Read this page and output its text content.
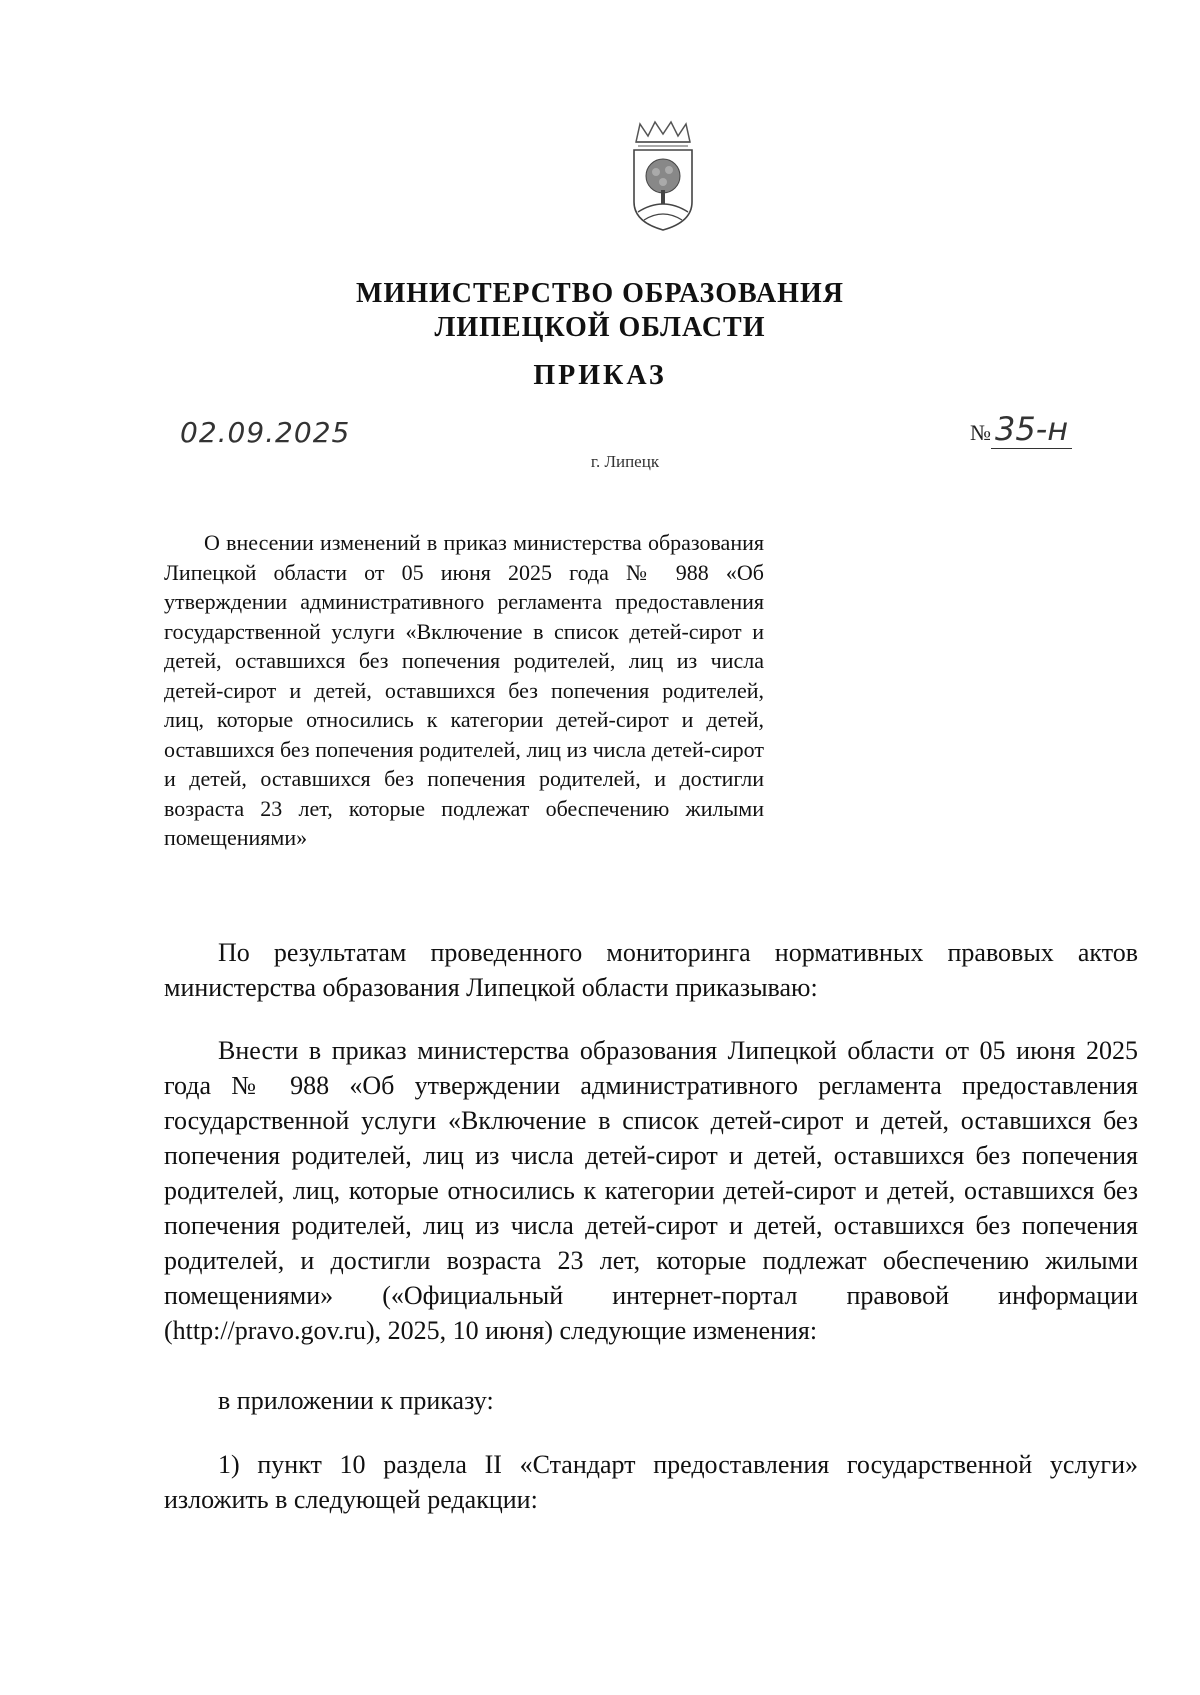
МИНИСТЕРСТВО ОБРАЗОВАНИЯ
ЛИПЕЦКОЙ ОБЛАСТИ
ПРИКАЗ
02.09.2025	№ 35-н
г. Липецк
О внесении изменений в приказ министерства образования Липецкой области от 05 июня 2025 года № 988 «Об утверждении административного регламента предоставления государственной услуги «Включение в список детей-сирот и детей, оставшихся без попечения родителей, лиц из числа детей-сирот и детей, оставшихся без попечения родителей, лиц, которые относились к категории детей-сирот и детей, оставшихся без попечения родителей, лиц из числа детей-сирот и детей, оставшихся без попечения родителей, и достигли возраста 23 лет, которые подлежат обеспечению жилыми помещениями»

По результатам проведенного мониторинга нормативных правовых актов министерства образования Липецкой области приказываю:

Внести в приказ министерства образования Липецкой области от 05 июня 2025 года № 988 «Об утверждении административного регламента предоставления государственной услуги «Включение в список детей-сирот и детей, оставшихся без попечения родителей, лиц из числа детей-сирот и детей, оставшихся без попечения родителей, лиц, которые относились к категории детей-сирот и детей, оставшихся без попечения родителей, лиц из числа детей-сирот и детей, оставшихся без попечения родителей, и достигли возраста 23 лет, которые подлежат обеспечению жилыми помещениями» («Официальный интернет-портал правовой информации (http://pravo.gov.ru), 2025, 10 июня) следующие изменения:

в приложении к приказу:

1) пункт 10 раздела II «Стандарт предоставления государственной услуги» изложить в следующей редакции:
